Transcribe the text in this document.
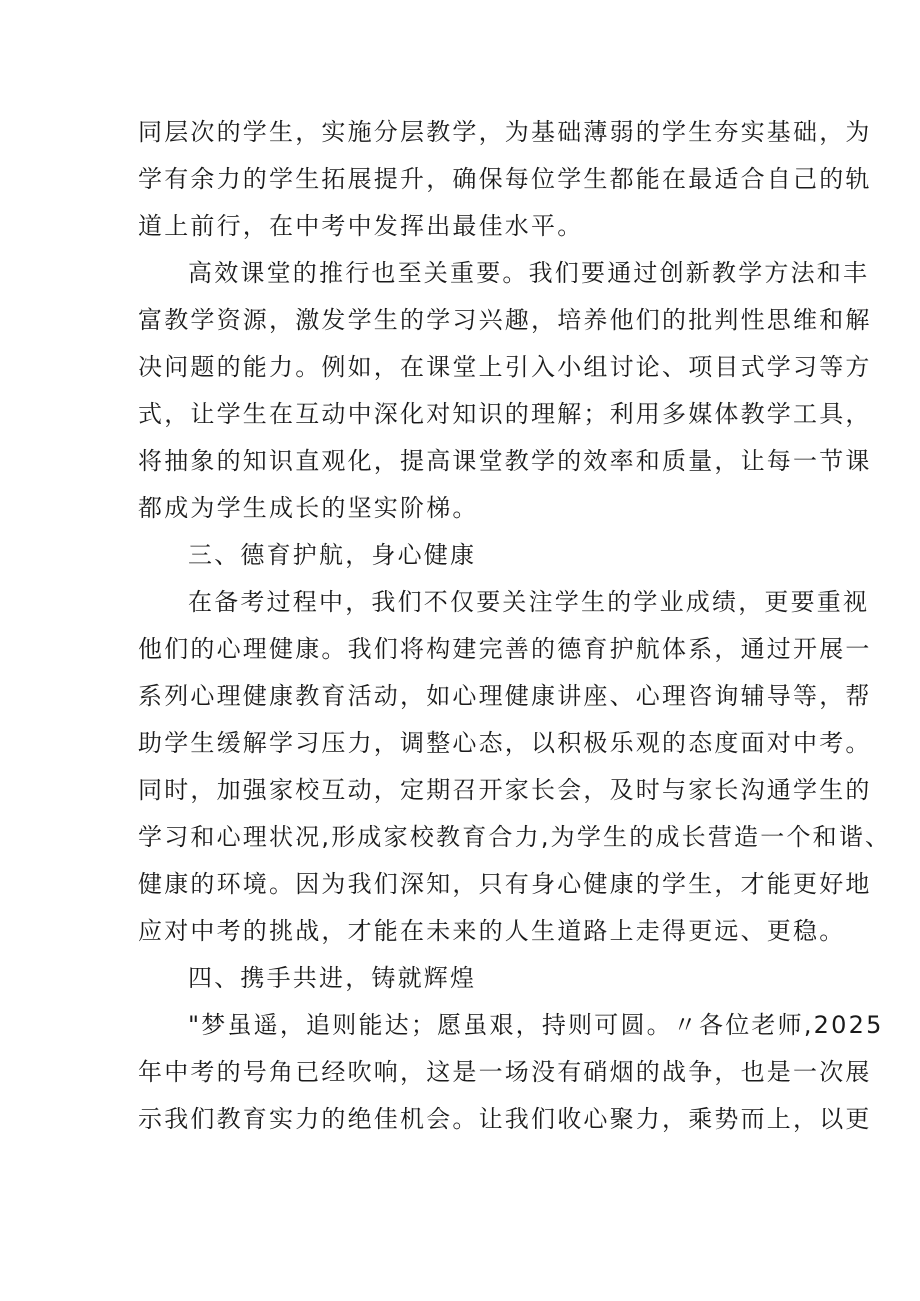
同层次的学生，实施分层教学，为基础薄弱的学生夯实基础，为
学有余力的学生拓展提升，确保每位学生都能在最适合自己的轨
道上前行，在中考中发挥出最佳水平。
高效课堂的推行也至关重要。我们要通过创新教学方法和丰
富教学资源，激发学生的学习兴趣，培养他们的批判性思维和解
决问题的能力。例如，在课堂上引入小组讨论、项目式学习等方
式，让学生在互动中深化对知识的理解；利用多媒体教学工具，
将抽象的知识直观化，提高课堂教学的效率和质量，让每一节课
都成为学生成长的坚实阶梯。
三、德育护航，身心健康
在备考过程中，我们不仅要关注学生的学业成绩，更要重视
他们的心理健康。我们将构建完善的德育护航体系，通过开展一
系列心理健康教育活动，如心理健康讲座、心理咨询辅导等，帮
助学生缓解学习压力，调整心态，以积极乐观的态度面对中考。
同时，加强家校互动，定期召开家长会，及时与家长沟通学生的
学习和心理状况,形成家校教育合力,为学生的成长营造一个和谐、
健康的环境。因为我们深知，只有身心健康的学生，才能更好地
应对中考的挑战，才能在未来的人生道路上走得更远、更稳。
四、携手共进，铸就辉煌
"梦虽遥，追则能达；愿虽艰，持则可圆。〃各位老师,2025
年中考的号角已经吹响，这是一场没有硝烟的战争，也是一次展
示我们教育实力的绝佳机会。让我们收心聚力，乘势而上，以更
